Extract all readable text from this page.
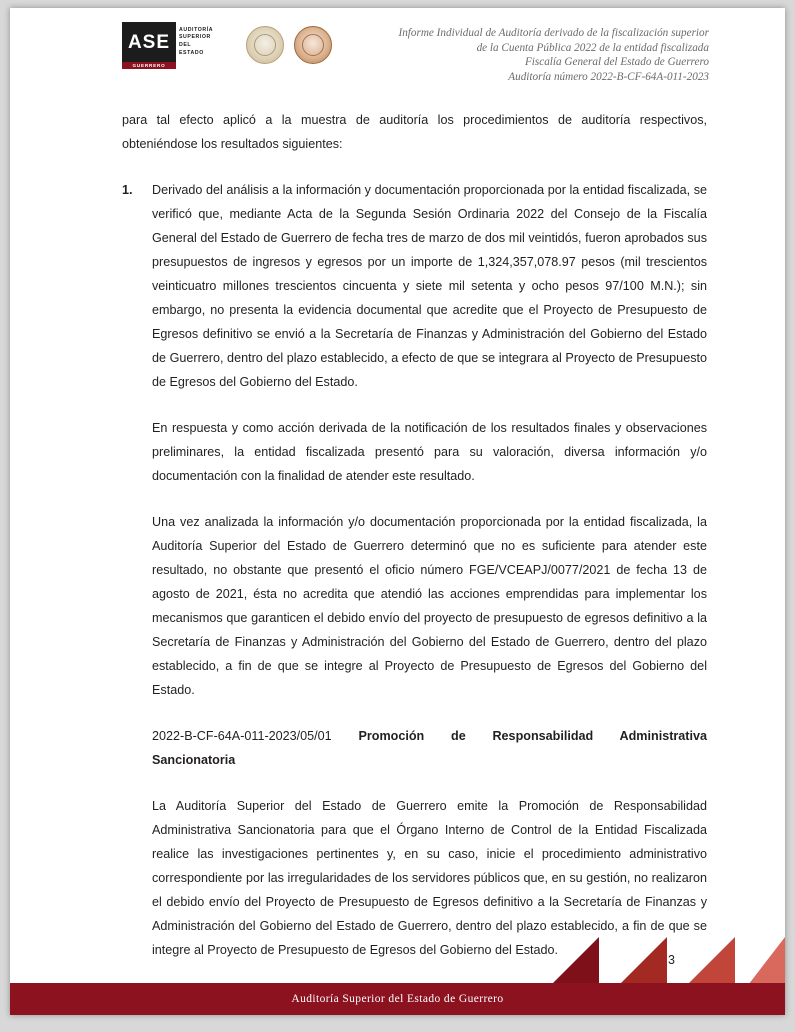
ASE
AUDITORÍA
SUPERIOR
DEL ESTADO
GUERRERO
Informe Individual de Auditoría derivado de la fiscalización superior
de la Cuenta Pública 2022 de la entidad fiscalizada
Fiscalía General del Estado de Guerrero
Auditoría número 2022-B-CF-64A-011-2023

para tal efecto aplicó a la muestra de auditoría los procedimientos de auditoría respectivos, obteniéndose los resultados siguientes:

1.	Derivado del análisis a la información y documentación proporcionada por la entidad fiscalizada, se verificó que, mediante Acta de la Segunda Sesión Ordinaria 2022 del Consejo de la Fiscalía General del Estado de Guerrero de fecha tres de marzo de dos mil veintidós, fueron aprobados sus presupuestos de ingresos y egresos por un importe de 1,324,357,078.97 pesos (mil trescientos veinticuatro millones trescientos cincuenta y siete mil setenta y ocho pesos 97/100 M.N.); sin embargo, no presenta la evidencia documental que acredite que el Proyecto de Presupuesto de Egresos definitivo se envió a la Secretaría de Finanzas y Administración del Gobierno del Estado de Guerrero, dentro del plazo establecido, a efecto de que se integrara al Proyecto de Presupuesto de Egresos del Gobierno del Estado.

En respuesta y como acción derivada de la notificación de los resultados finales y observaciones preliminares, la entidad fiscalizada presentó para su valoración, diversa información y/o documentación con la finalidad de atender este resultado.

Una vez analizada la información y/o documentación proporcionada por la entidad fiscalizada, la Auditoría Superior del Estado de Guerrero determinó que no es suficiente para atender este resultado, no obstante que presentó el oficio número FGE/VCEAPJ/0077/2021 de fecha 13 de agosto de 2021, ésta no acredita que atendió las acciones emprendidas para implementar los mecanismos que garanticen el debido envío del proyecto de presupuesto de egresos definitivo a la Secretaría de Finanzas y Administración del Gobierno del Estado de Guerrero, dentro del plazo establecido, a fin de que se integre al Proyecto de Presupuesto de Egresos del Gobierno del Estado.

2022-B-CF-64A-011-2023/05/01 Promoción de Responsabilidad Administrativa
Sancionatoria

La Auditoría Superior del Estado de Guerrero emite la Promoción de Responsabilidad Administrativa Sancionatoria para que el Órgano Interno de Control de la Entidad Fiscalizada realice las investigaciones pertinentes y, en su caso, inicie el procedimiento administrativo correspondiente por las irregularidades de los servidores públicos que, en su gestión, no realizaron el debido envío del Proyecto de Presupuesto de Egresos definitivo a la Secretaría de Finanzas y Administración del Gobierno del Estado de Guerrero, dentro del plazo establecido, a fin de que se integre al Proyecto de Presupuesto de Egresos del Gobierno del Estado.

| 3
Auditoría Superior del Estado de Guerrero
